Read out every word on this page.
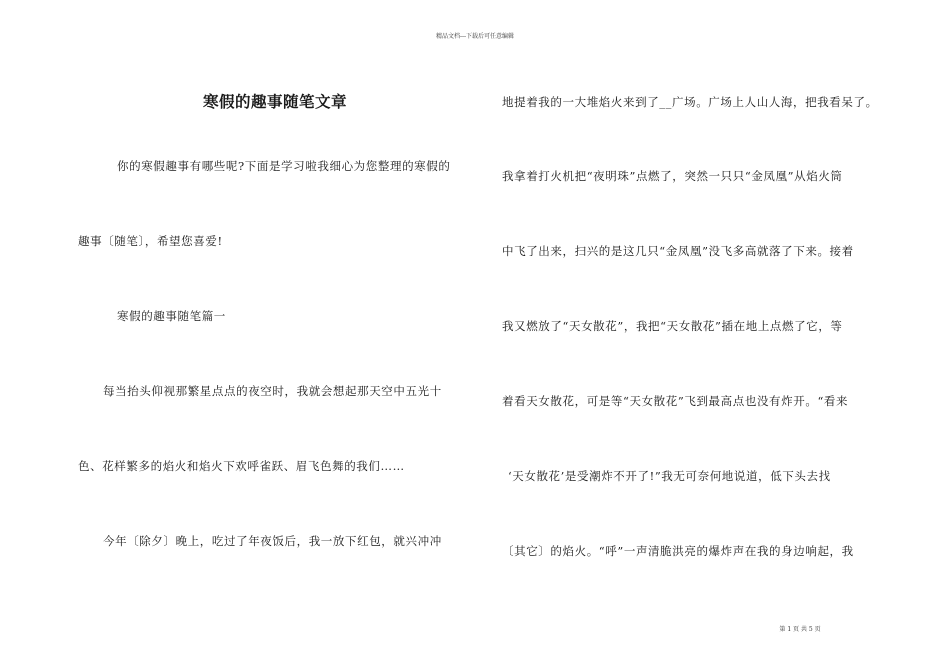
精品文档---下载后可任意编辑
寒假的趣事随笔文章
你的寒假趣事有哪些呢?下面是学习啦我细心为您整理的寒假的
趣事〔随笔〕，希望您喜爱!
寒假的趣事随笔篇一
每当抬头仰视那繁星点点的夜空时，我就会想起那天空中五光十
色、花样繁多的焰火和焰火下欢呼雀跃、眉飞色舞的我们……
今年〔除夕〕晚上，吃过了年夜饭后，我一放下红包，就兴冲冲
地提着我的一大堆焰火来到了__广场。广场上人山人海，把我看呆了。
我拿着打火机把“夜明珠”点燃了，突然一只只“金凤凰”从焰火筒
中飞了出来，扫兴的是这几只“金凤凰”没飞多高就落了下来。接着
我又燃放了“天女散花”，我把“天女散花”插在地上点燃了它，等
着看天女散花，可是等“天女散花”飞到最高点也没有炸开。“看来
‘天女散花’是受潮炸不开了!”我无可奈何地说道，低下头去找
〔其它〕的焰火。“呼”一声清脆洪亮的爆炸声在我的身边响起，我
第 1 页 共 5 页
